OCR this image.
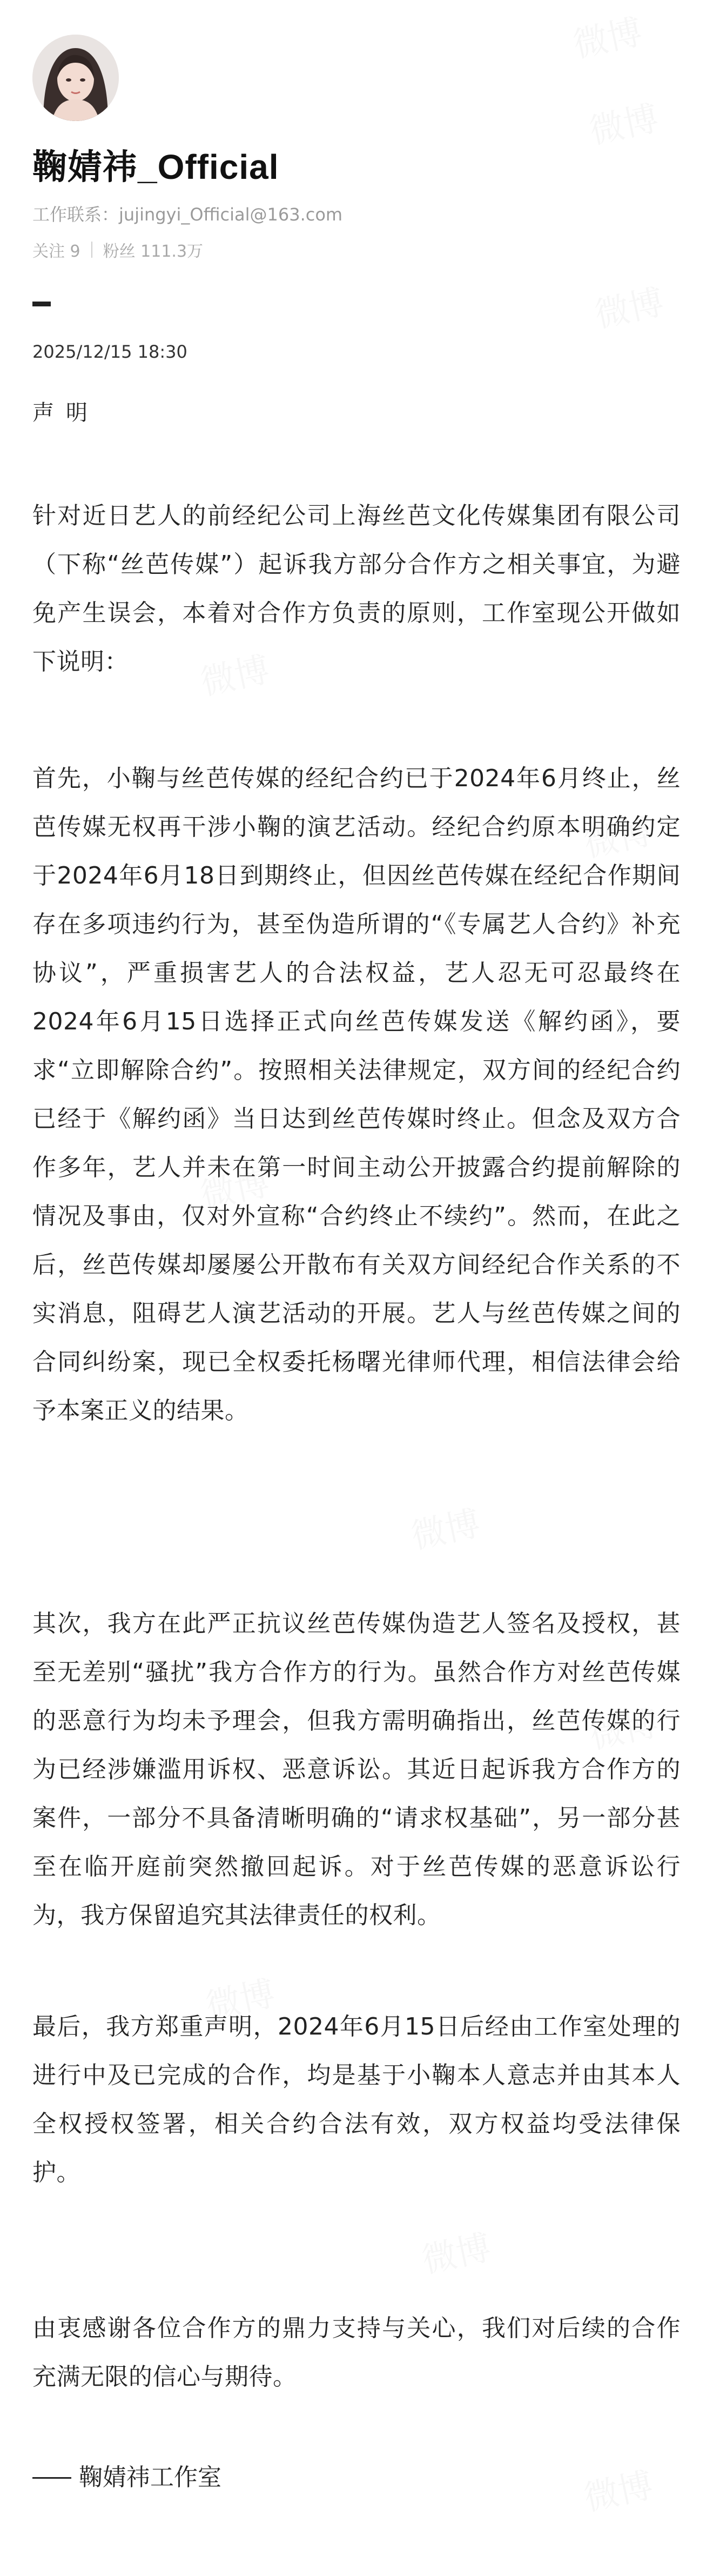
鞠婧祎_Official
工作联系：jujingyi_Official@163.com
关注 9 粉丝 111.3万
2025/12/15 18:30
声明
针对近日艺人的前经纪公司上海丝芭文化传媒集团有限公司（下称“丝芭传媒”）起诉我方部分合作方之相关事宜，为避免产生误会，本着对合作方负责的原则，工作室现公开做如下说明：
首先，小鞠与丝芭传媒的经纪合约已于2024年6月终止，丝芭传媒无权再干涉小鞠的演艺活动。经纪合约原本明确约定于2024年6月18日到期终止，但因丝芭传媒在经纪合作期间存在多项违约行为，甚至伪造所谓的“《专属艺人合约》补充协议”，严重损害艺人的合法权益，艺人忍无可忍最终在2024年6月15日选择正式向丝芭传媒发送《解约函》，要求“立即解除合约”。按照相关法律规定，双方间的经纪合约已经于《解约函》当日达到丝芭传媒时终止。但念及双方合作多年，艺人并未在第一时间主动公开披露合约提前解除的情况及事由，仅对外宣称“合约终止不续约”。然而，在此之后，丝芭传媒却屡屡公开散布有关双方间经纪合作关系的不实消息，阻碍艺人演艺活动的开展。艺人与丝芭传媒之间的合同纠纷案，现已全权委托杨曙光律师代理，相信法律会给予本案正义的结果。
其次，我方在此严正抗议丝芭传媒伪造艺人签名及授权，甚至无差别“骚扰”我方合作方的行为。虽然合作方对丝芭传媒的恶意行为均未予理会，但我方需明确指出，丝芭传媒的行为已经涉嫌滥用诉权、恶意诉讼。其近日起诉我方合作方的案件，一部分不具备清晰明确的“请求权基础”，另一部分甚至在临开庭前突然撤回起诉。对于丝芭传媒的恶意诉讼行为，我方保留追究其法律责任的权利。
最后，我方郑重声明，2024年6月15日后经由工作室处理的进行中及已完成的合作，均是基于小鞠本人意志并由其本人全权授权签署，相关合约合法有效，双方权益均受法律保护。
由衷感谢各位合作方的鼎力支持与关心，我们对后续的合作充满无限的信心与期待。
鞠婧祎工作室
